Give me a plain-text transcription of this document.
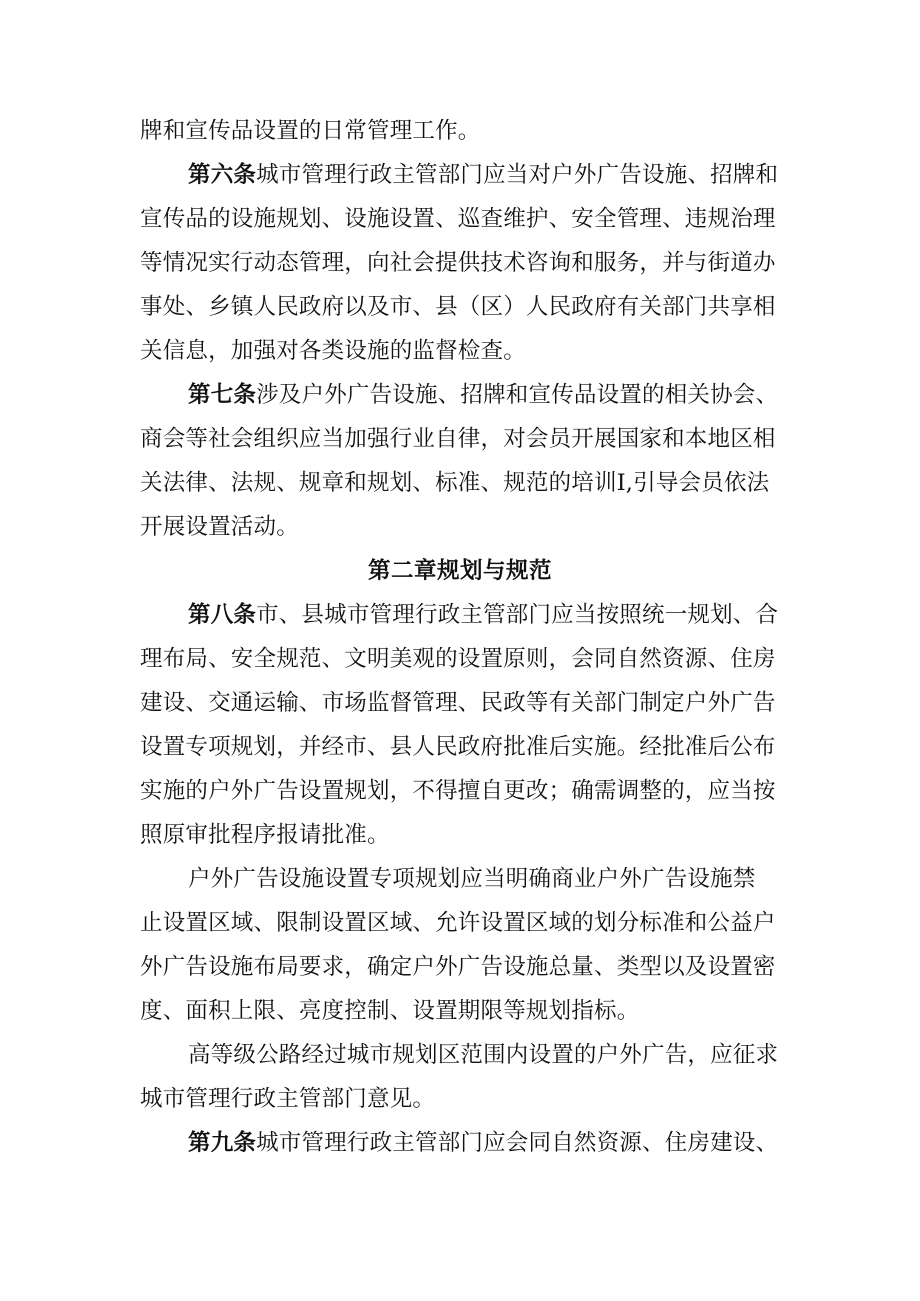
牌和宣传品设置的日常管理工作。
第六条城市管理行政主管部门应当对户外广告设施、招牌和
宣传品的设施规划、设施设置、巡查维护、安全管理、违规治理
等情况实行动态管理，向社会提供技术咨询和服务，并与街道办
事处、乡镇人民政府以及市、县（区）人民政府有关部门共享相
关信息，加强对各类设施的监督检查。
第七条涉及户外广告设施、招牌和宣传品设置的相关协会、
商会等社会组织应当加强行业自律，对会员开展国家和本地区相
关法律、法规、规章和规划、标准、规范的培训I,引导会员依法
开展设置活动。
第二章规划与规范
第八条市、县城市管理行政主管部门应当按照统一规划、合
理布局、安全规范、文明美观的设置原则，会同自然资源、住房
建设、交通运输、市场监督管理、民政等有关部门制定户外广告
设置专项规划，并经市、县人民政府批准后实施。经批准后公布
实施的户外广告设置规划，不得擅自更改；确需调整的，应当按
照原审批程序报请批准。
户外广告设施设置专项规划应当明确商业户外广告设施禁
止设置区域、限制设置区域、允许设置区域的划分标准和公益户
外广告设施布局要求，确定户外广告设施总量、类型以及设置密
度、面积上限、亮度控制、设置期限等规划指标。
高等级公路经过城市规划区范围内设置的户外广告，应征求
城市管理行政主管部门意见。
第九条城市管理行政主管部门应会同自然资源、住房建设、
